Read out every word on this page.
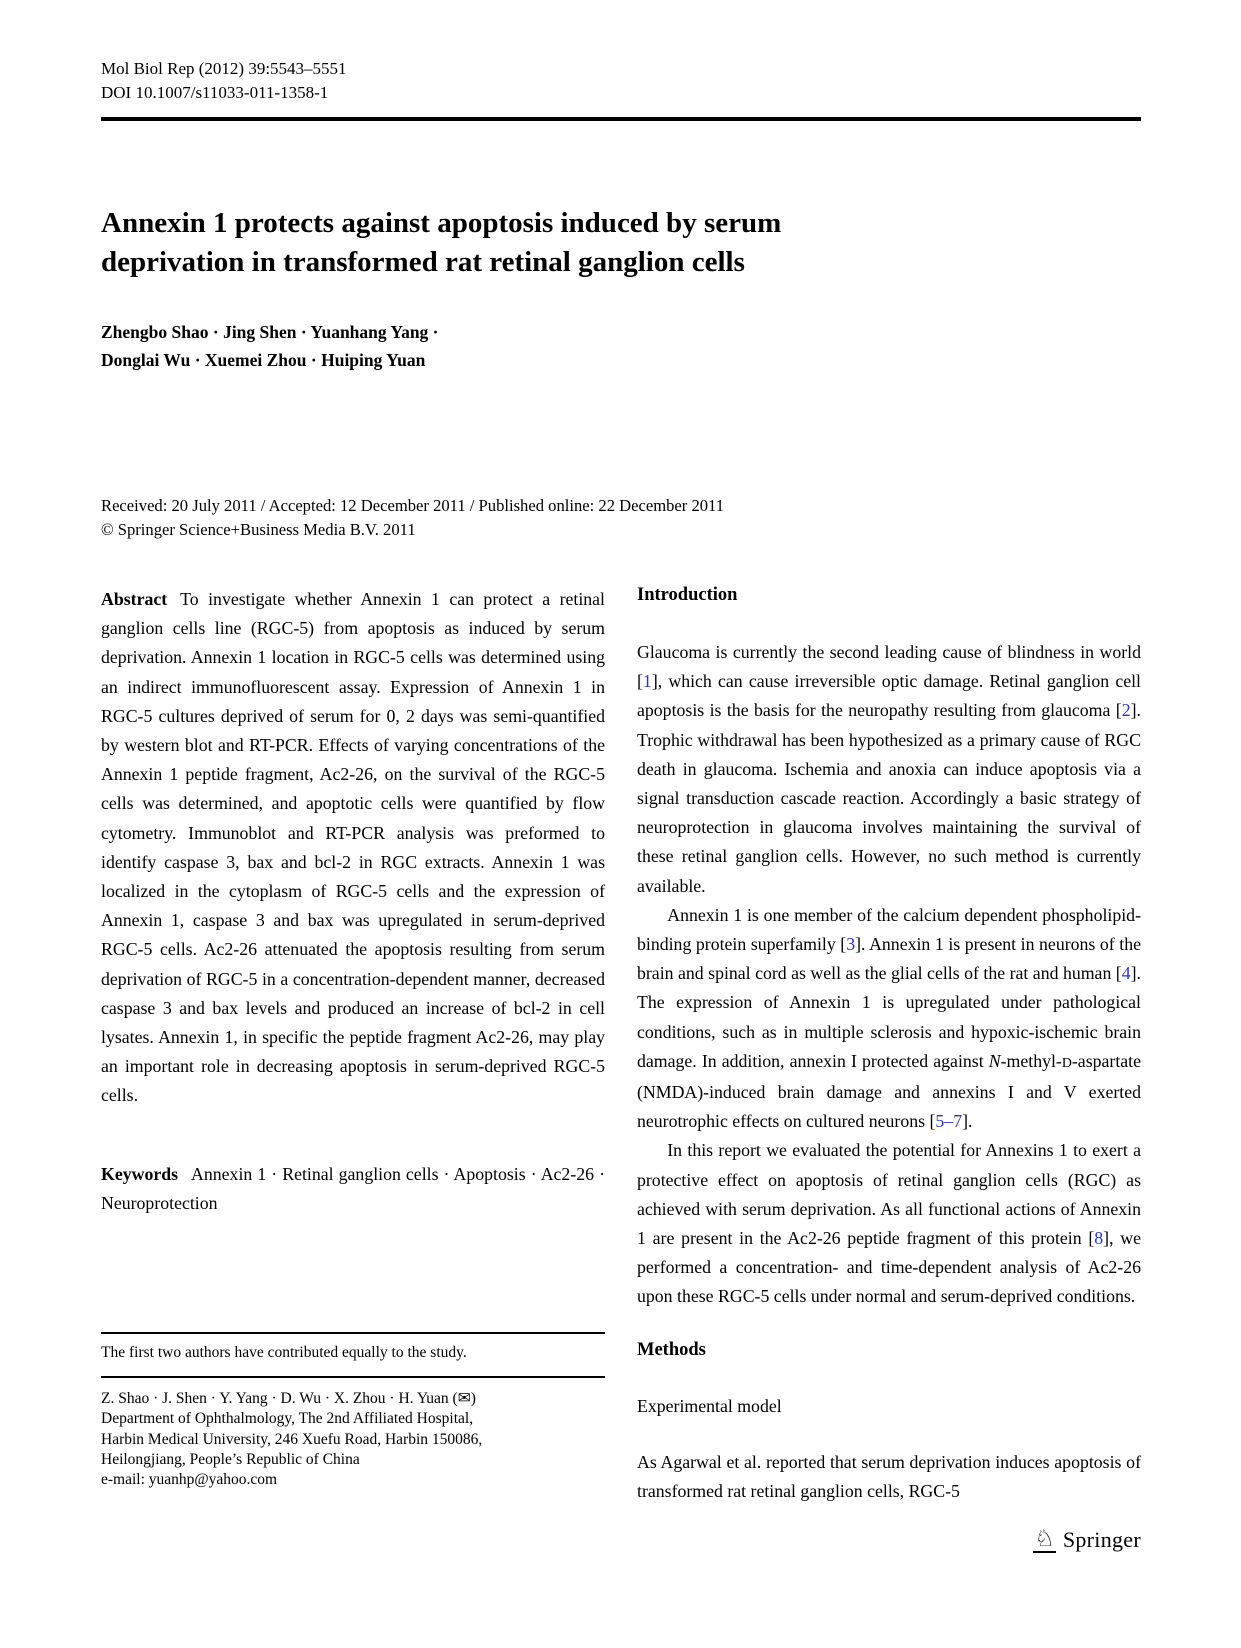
Mol Biol Rep (2012) 39:5543–5551
DOI 10.1007/s11033-011-1358-1
Annexin 1 protects against apoptosis induced by serum
deprivation in transformed rat retinal ganglion cells
Zhengbo Shao · Jing Shen · Yuanhang Yang ·
Donglai Wu · Xuemei Zhou · Huiping Yuan
Received: 20 July 2011 / Accepted: 12 December 2011 / Published online: 22 December 2011
© Springer Science+Business Media B.V. 2011
Abstract To investigate whether Annexin 1 can protect a retinal ganglion cells line (RGC-5) from apoptosis as induced by serum deprivation. Annexin 1 location in RGC-5 cells was determined using an indirect immunofluorescent assay. Expression of Annexin 1 in RGC-5 cultures deprived of serum for 0, 2 days was semi-quantified by western blot and RT-PCR. Effects of varying concentrations of the Annexin 1 peptide fragment, Ac2-26, on the survival of the RGC-5 cells was determined, and apoptotic cells were quantified by flow cytometry. Immunoblot and RT-PCR analysis was preformed to identify caspase 3, bax and bcl-2 in RGC extracts. Annexin 1 was localized in the cytoplasm of RGC-5 cells and the expression of Annexin 1, caspase 3 and bax was upregulated in serum-deprived RGC-5 cells. Ac2-26 attenuated the apoptosis resulting from serum deprivation of RGC-5 in a concentration-dependent manner, decreased caspase 3 and bax levels and produced an increase of bcl-2 in cell lysates. Annexin 1, in specific the peptide fragment Ac2-26, may play an important role in decreasing apoptosis in serum-deprived RGC-5 cells.
Keywords Annexin 1 · Retinal ganglion cells · Apoptosis · Ac2-26 · Neuroprotection
The first two authors have contributed equally to the study.
Z. Shao · J. Shen · Y. Yang · D. Wu · X. Zhou · H. Yuan (✉)
Department of Ophthalmology, The 2nd Affiliated Hospital,
Harbin Medical University, 246 Xuefu Road, Harbin 150086,
Heilongjiang, People’s Republic of China
e-mail: yuanhp@yahoo.com
Introduction

Glaucoma is currently the second leading cause of blindness in world [1], which can cause irreversible optic damage. Retinal ganglion cell apoptosis is the basis for the neuropathy resulting from glaucoma [2]. Trophic withdrawal has been hypothesized as a primary cause of RGC death in glaucoma. Ischemia and anoxia can induce apoptosis via a signal transduction cascade reaction. Accordingly a basic strategy of neuroprotection in glaucoma involves maintaining the survival of these retinal ganglion cells. However, no such method is currently available.

Annexin 1 is one member of the calcium dependent phospholipid-binding protein superfamily [3]. Annexin 1 is present in neurons of the brain and spinal cord as well as the glial cells of the rat and human [4]. The expression of Annexin 1 is upregulated under pathological conditions, such as in multiple sclerosis and hypoxic-ischemic brain damage. In addition, annexin I protected against N-methyl-D-aspartate (NMDA)-induced brain damage and annexins I and V exerted neurotrophic effects on cultured neurons [5–7].

In this report we evaluated the potential for Annexins 1 to exert a protective effect on apoptosis of retinal ganglion cells (RGC) as achieved with serum deprivation. As all functional actions of Annexin 1 are present in the Ac2-26 peptide fragment of this protein [8], we performed a concentration- and time-dependent analysis of Ac2-26 upon these RGC-5 cells under normal and serum-deprived conditions.

Methods
Experimental model
As Agarwal et al. reported that serum deprivation induces apoptosis of transformed rat retinal ganglion cells, RGC-5
♘ Springer
